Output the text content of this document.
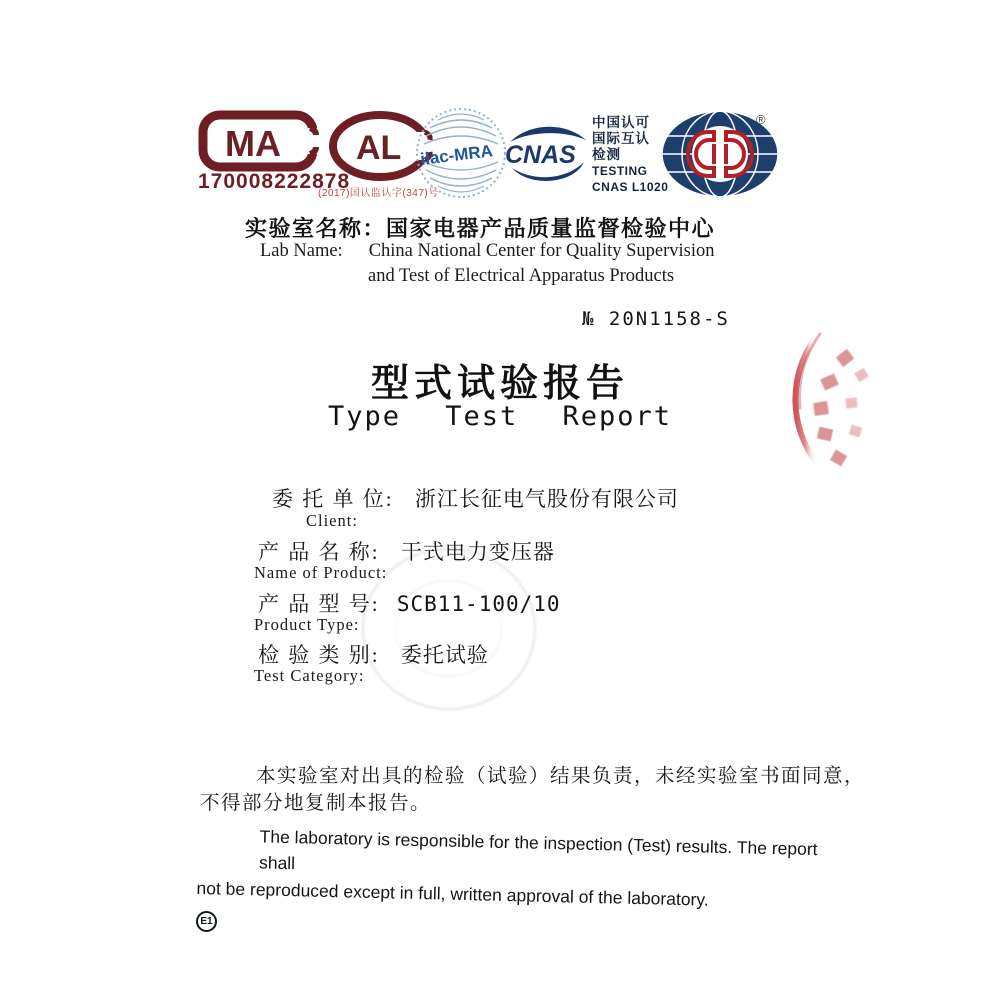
MA
170008222878
AL
(2017)国认监认字(347)号
ilac-MRA CNAS
中国认可
国际互认
检测
TESTING
CNAS L1020
®
实验室名称：国家电器产品质量监督检验中心
Lab Name: China National Center for Quality Supervision
and Test of Electrical Apparatus Products
№ 20N1158-S
型式试验报告
Type Test Report
委 托 单 位: 浙江长征电气股份有限公司
Client:
产 品 名 称: 干式电力变压器
Name of Product:
产 品 型 号: SCB11-100/10
Product Type:
检 验 类 别: 委托试验
Test Category:
本实验室对出具的检验（试验）结果负责，未经实验室书面同意，
不得部分地复制本报告。
The laboratory is responsible for the inspection (Test) results. The report shall
not be reproduced except in full, written approval of the laboratory.
E1
